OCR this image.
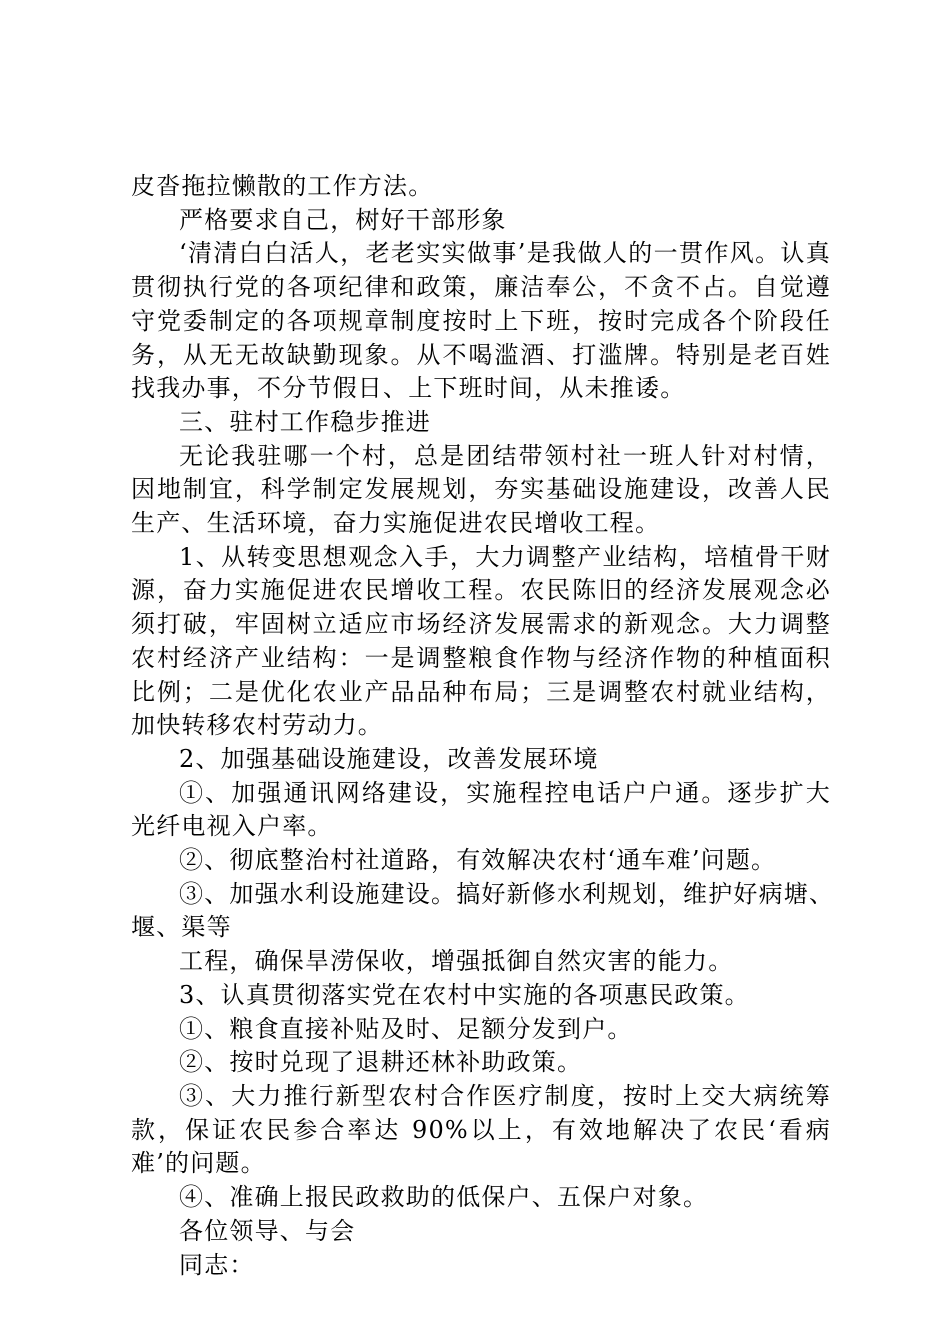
皮沓拖拉懒散的工作方法。

严格要求自己，树好干部形象

‘清清白白活人，老老实实做事’是我做人的一贯作风。认真贯彻执行党的各项纪律和政策，廉洁奉公，不贪不占。自觉遵守党委制定的各项规章制度按时上下班，按时完成各个阶段任务，从无无故缺勤现象。从不喝滥酒、打滥牌。特别是老百姓找我办事，不分节假日、上下班时间，从未推诿。

三、驻村工作稳步推进

无论我驻哪一个村，总是团结带领村社一班人针对村情，因地制宜，科学制定发展规划，夯实基础设施建设，改善人民生产、生活环境，奋力实施促进农民增收工程。

1、从转变思想观念入手，大力调整产业结构，培植骨干财源，奋力实施促进农民增收工程。农民陈旧的经济发展观念必须打破，牢固树立适应市场经济发展需求的新观念。大力调整农村经济产业结构：一是调整粮食作物与经济作物的种植面积比例；二是优化农业产品品种布局；三是调整农村就业结构，加快转移农村劳动力。

2、加强基础设施建设，改善发展环境

①、加强通讯网络建设，实施程控电话户户通。逐步扩大光纤电视入户率。

②、彻底整治村社道路，有效解决农村‘通车难’问题。

③、加强水利设施建设。搞好新修水利规划，维护好病塘、

堰、渠等

工程，确保旱涝保收，增强抵御自然灾害的能力。

3、认真贯彻落实党在农村中实施的各项惠民政策。

①、粮食直接补贴及时、足额分发到户。

②、按时兑现了退耕还林补助政策。

③、大力推行新型农村合作医疗制度，按时上交大病统筹款，保证农民参合率达 90%以上，有效地解决了农民‘看病难’的问题。

④、准确上报民政救助的低保户、五保户对象。

各位领导、与会

同志：
